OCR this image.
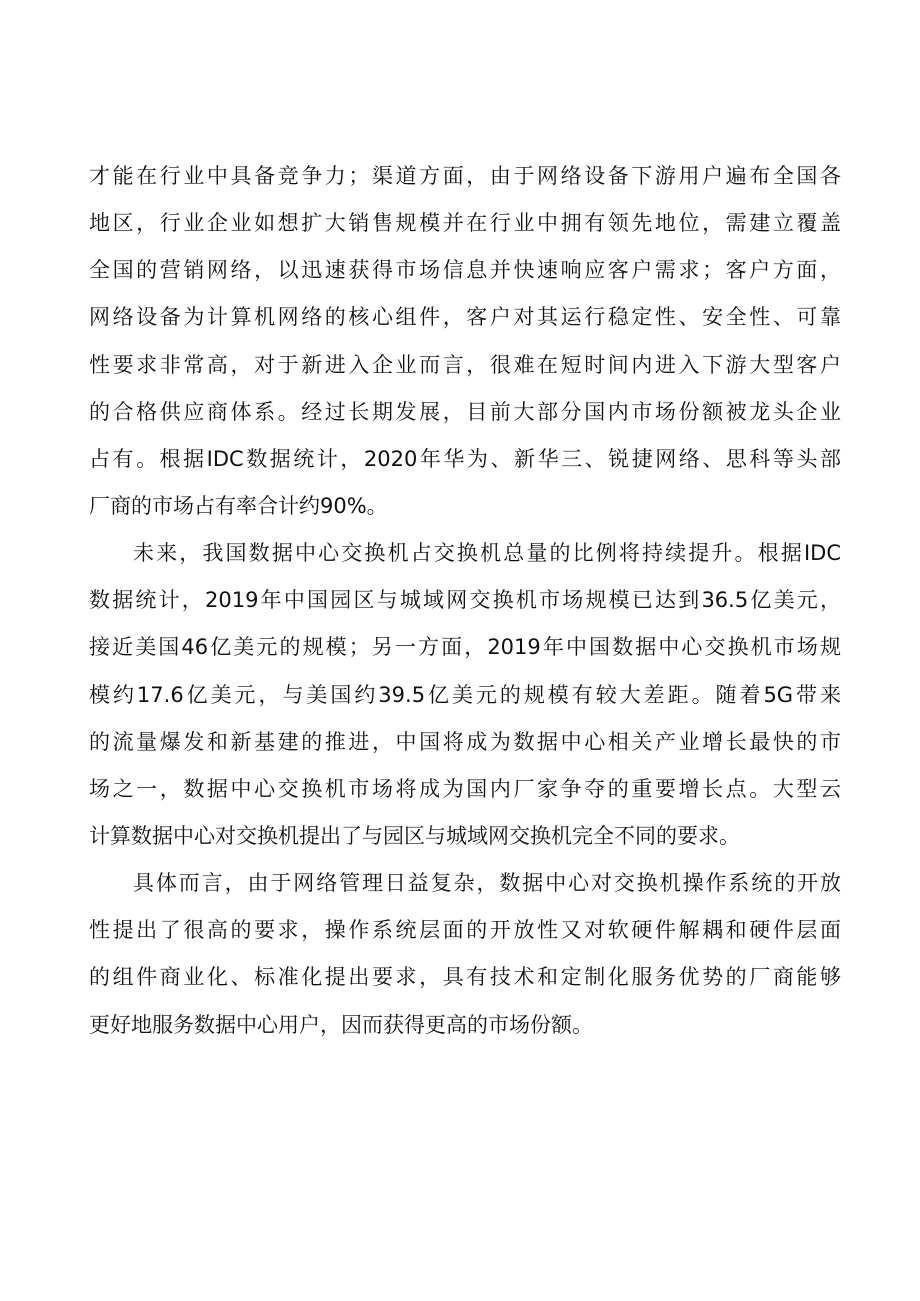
才能在行业中具备竞争力；渠道方面，由于网络设备下游用户遍布全国各
地区，行业企业如想扩大销售规模并在行业中拥有领先地位，需建立覆盖
全国的营销网络，以迅速获得市场信息并快速响应客户需求；客户方面，
网络设备为计算机网络的核心组件，客户对其运行稳定性、安全性、可靠
性要求非常高，对于新进入企业而言，很难在短时间内进入下游大型客户
的合格供应商体系。经过长期发展，目前大部分国内市场份额被龙头企业
占有。根据IDC数据统计，2020年华为、新华三、锐捷网络、思科等头部
厂商的市场占有率合计约90%。
未来，我国数据中心交换机占交换机总量的比例将持续提升。根据IDC
数据统计，2019年中国园区与城域网交换机市场规模已达到36.5亿美元，
接近美国46亿美元的规模；另一方面，2019年中国数据中心交换机市场规
模约17.6亿美元，与美国约39.5亿美元的规模有较大差距。随着5G带来
的流量爆发和新基建的推进，中国将成为数据中心相关产业增长最快的市
场之一，数据中心交换机市场将成为国内厂家争夺的重要增长点。大型云
计算数据中心对交换机提出了与园区与城域网交换机完全不同的要求。
具体而言，由于网络管理日益复杂，数据中心对交换机操作系统的开放
性提出了很高的要求，操作系统层面的开放性又对软硬件解耦和硬件层面
的组件商业化、标准化提出要求，具有技术和定制化服务优势的厂商能够
更好地服务数据中心用户，因而获得更高的市场份额。
